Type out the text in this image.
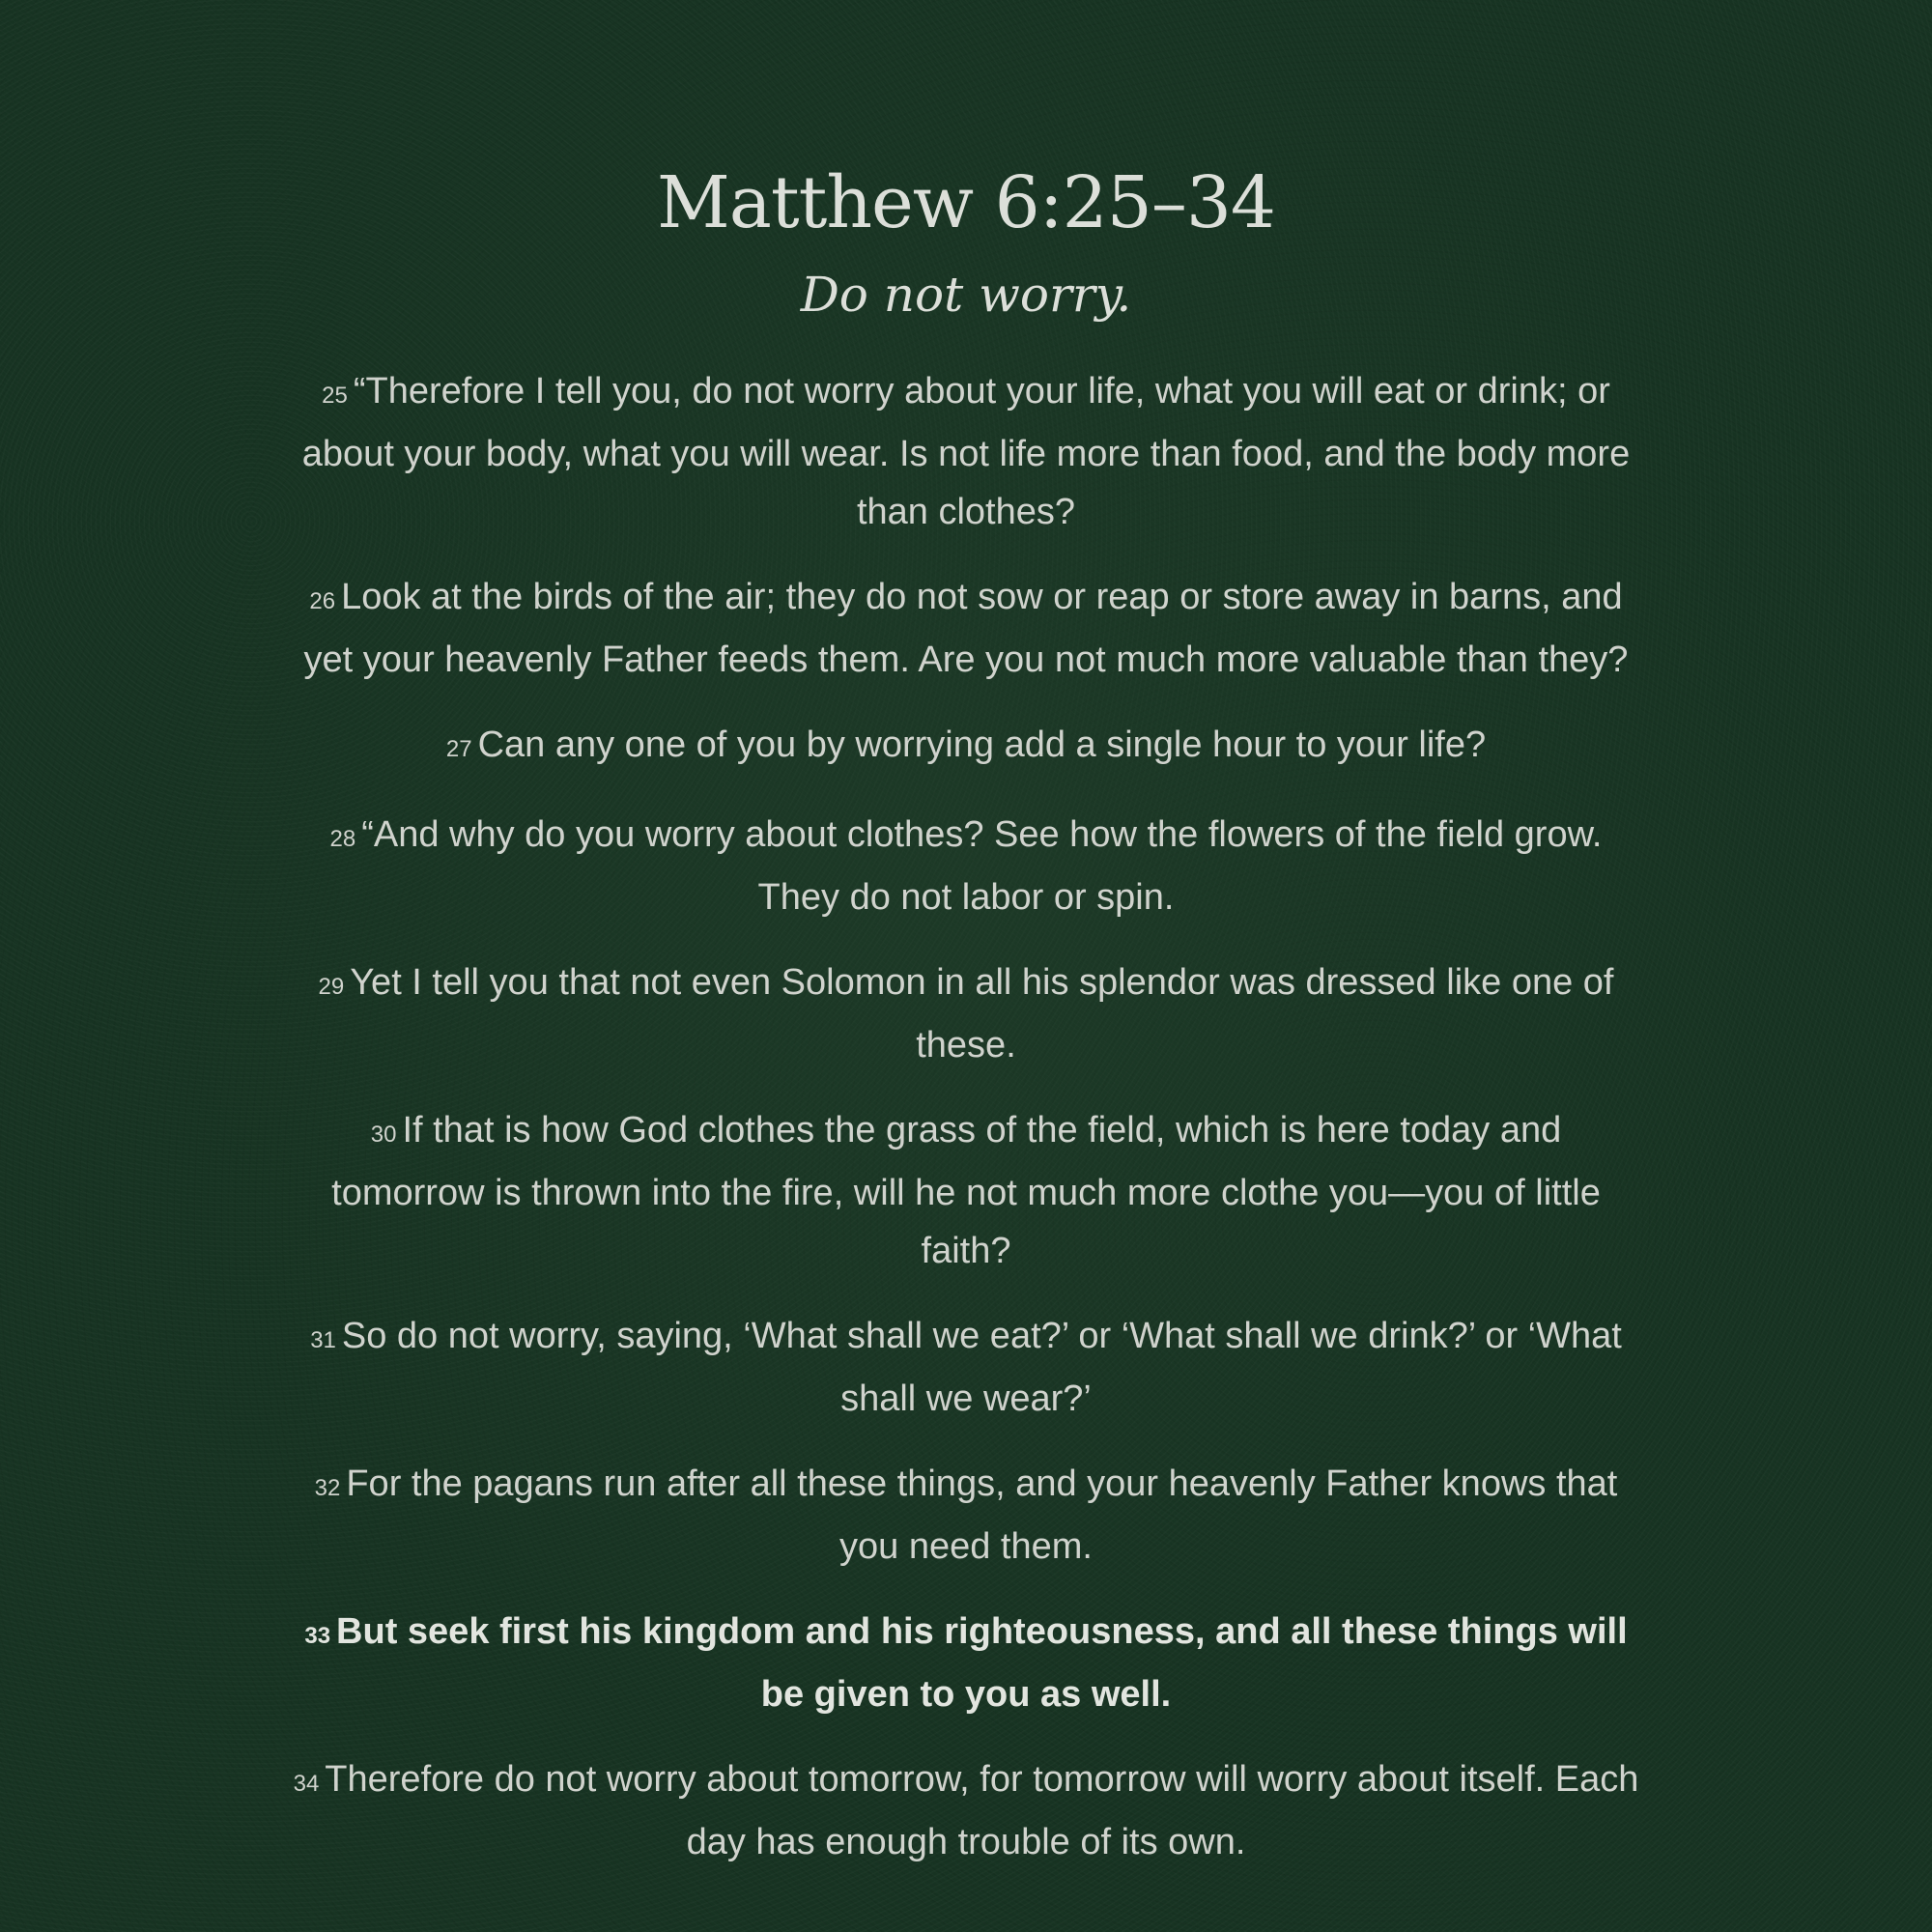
Matthew 6:25–34
Do not worry.

25 “Therefore I tell you, do not worry about your life, what you will eat or drink; or about your body, what you will wear. Is not life more than food, and the body more than clothes?

26 Look at the birds of the air; they do not sow or reap or store away in barns, and yet your heavenly Father feeds them. Are you not much more valuable than they?

27 Can any one of you by worrying add a single hour to your life?

28 “And why do you worry about clothes? See how the flowers of the field grow. They do not labor or spin.

29 Yet I tell you that not even Solomon in all his splendor was dressed like one of these.

30 If that is how God clothes the grass of the field, which is here today and tomorrow is thrown into the fire, will he not much more clothe you—you of little faith?

31 So do not worry, saying, ‘What shall we eat?’ or ‘What shall we drink?’ or ‘What shall we wear?’

32 For the pagans run after all these things, and your heavenly Father knows that you need them.

33 But seek first his kingdom and his righteousness, and all these things will be given to you as well.

34 Therefore do not worry about tomorrow, for tomorrow will worry about itself. Each day has enough trouble of its own.
